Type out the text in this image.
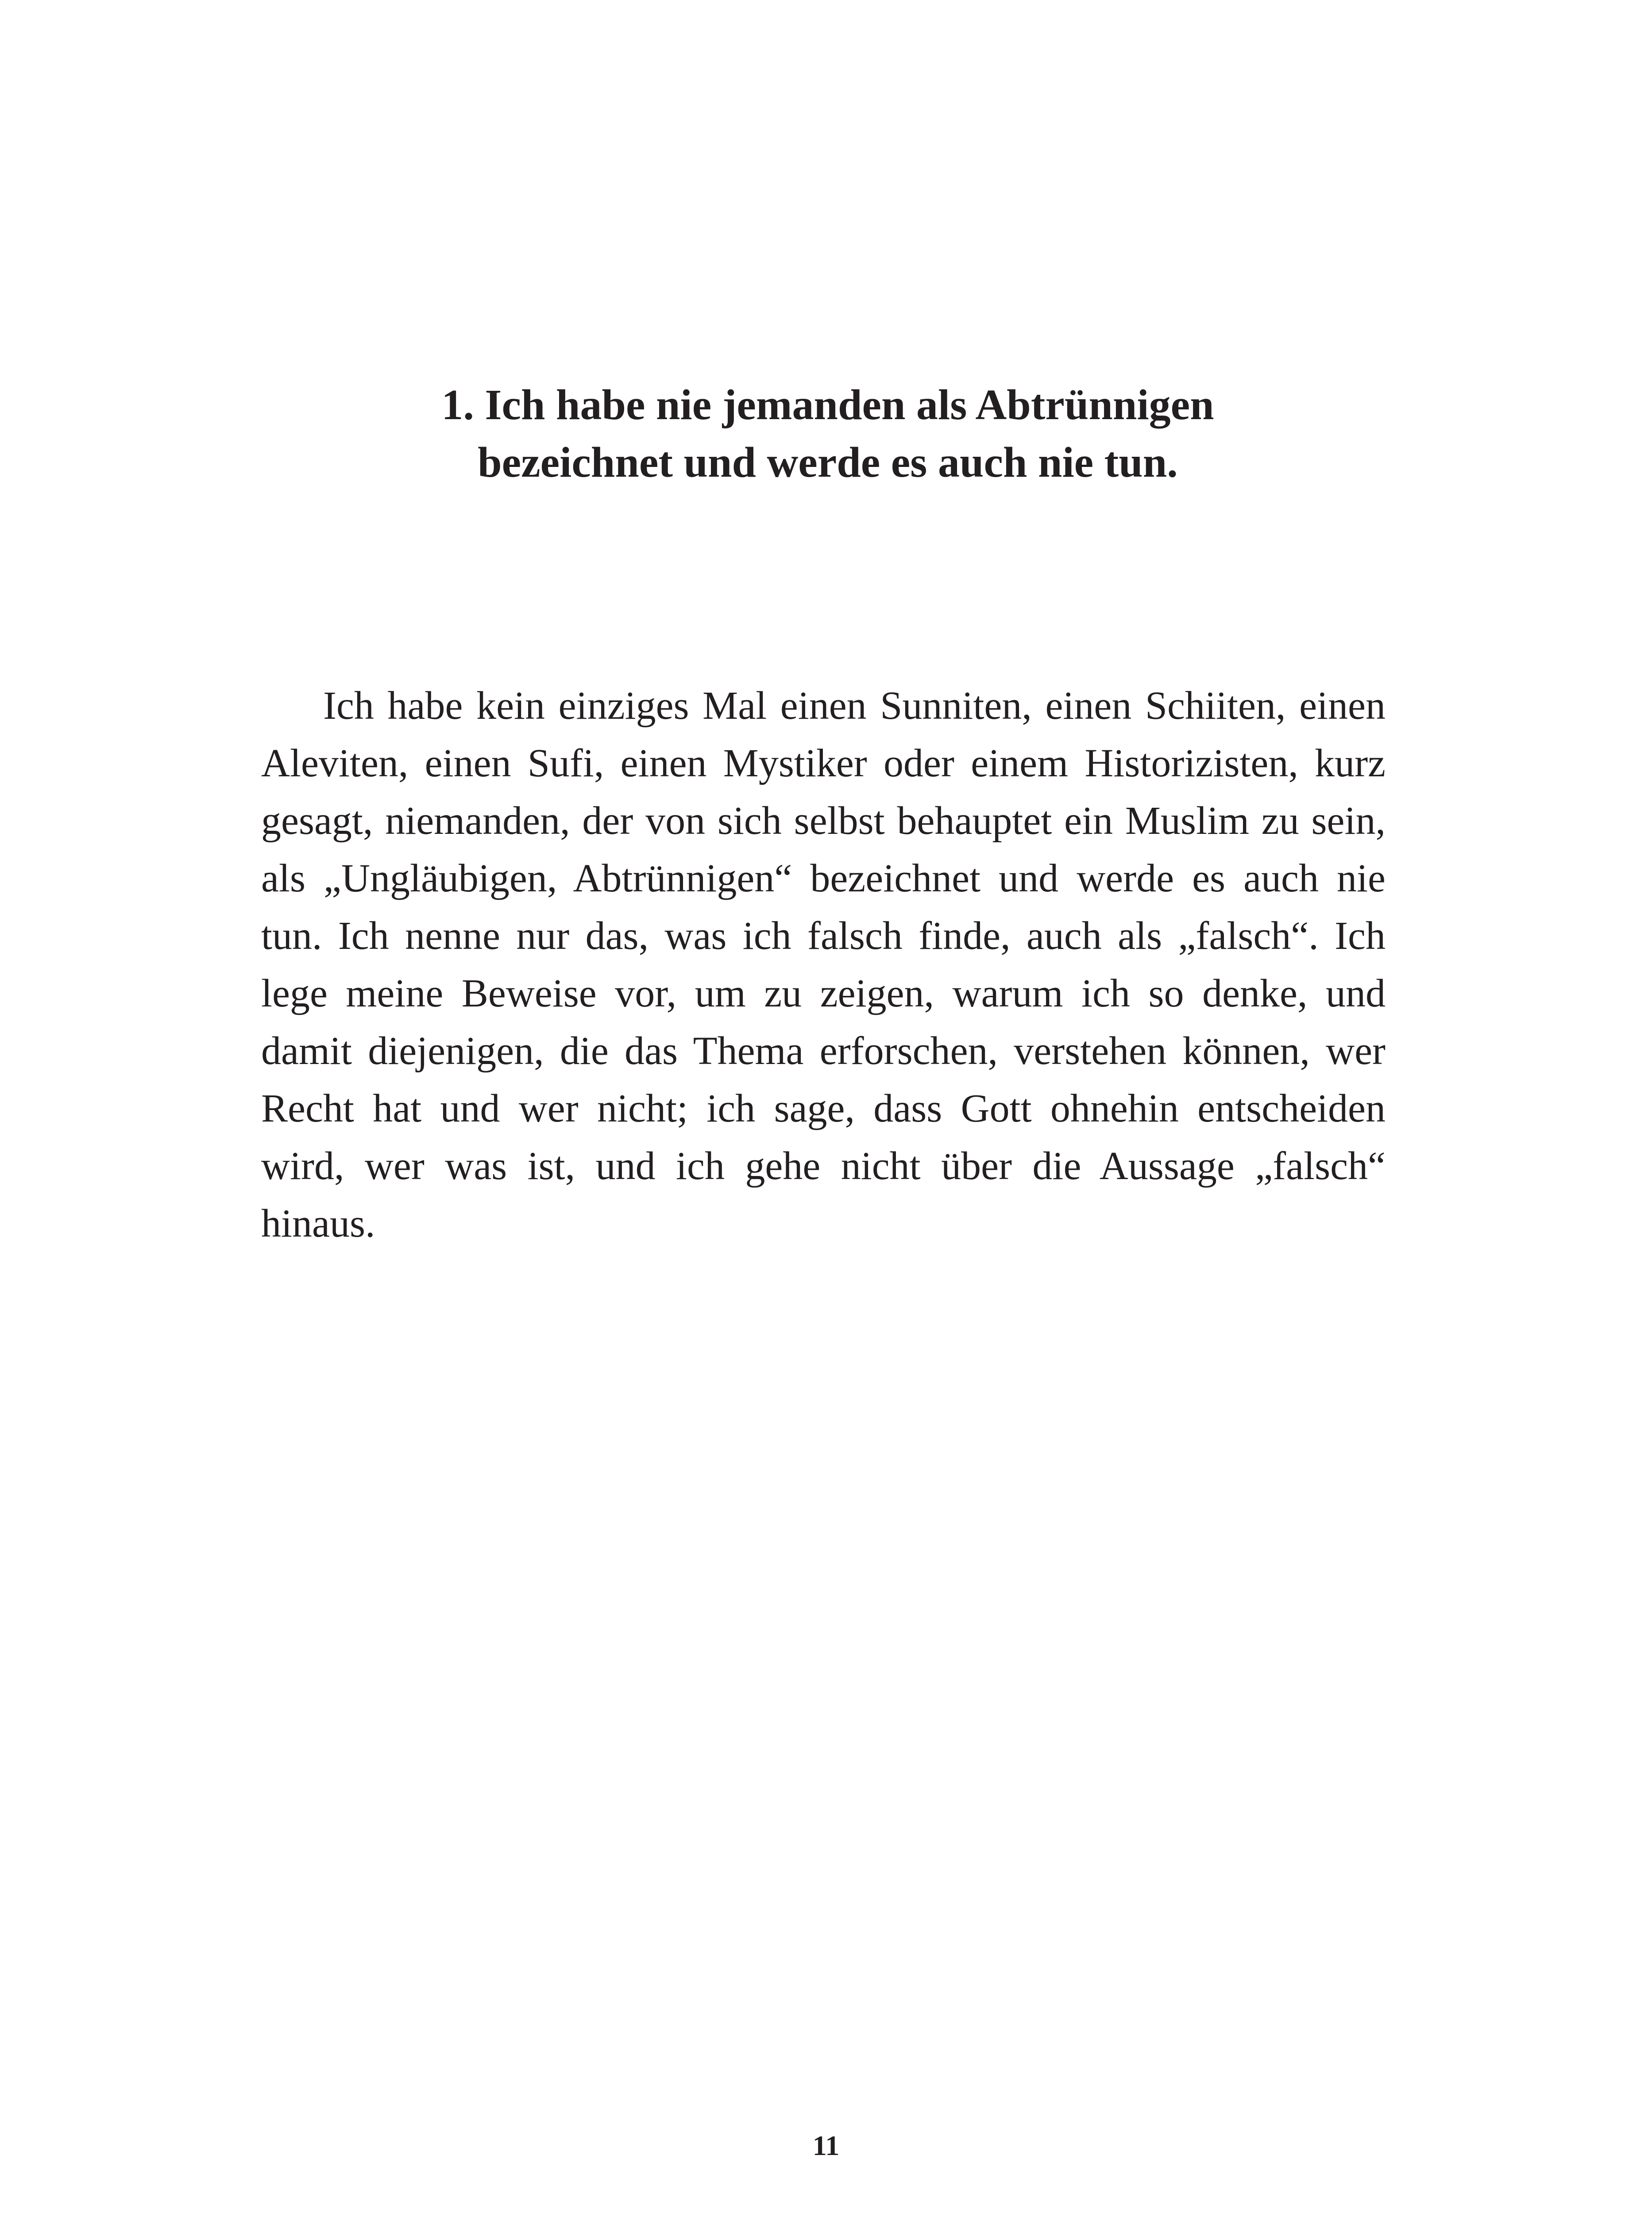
1. Ich habe nie jemanden als Abtrünnigen
bezeichnet und werde es auch nie tun.

Ich habe kein einziges Mal einen Sunniten, einen Schiiten, einen Aleviten, einen Sufi, einen Mystiker oder einem Historizisten, kurz gesagt, niemanden, der von sich selbst behauptet ein Muslim zu sein, als „Ungläubigen, Abtrünnigen“ bezeichnet und werde es auch nie tun. Ich nenne nur das, was ich falsch finde, auch als „falsch“. Ich lege meine Beweise vor, um zu zeigen, warum ich so denke, und damit diejenigen, die das Thema erforschen, verstehen können, wer Recht hat und wer nicht; ich sage, dass Gott ohnehin entscheiden wird, wer was ist, und ich gehe nicht über die Aussage „falsch“ hinaus.

11
